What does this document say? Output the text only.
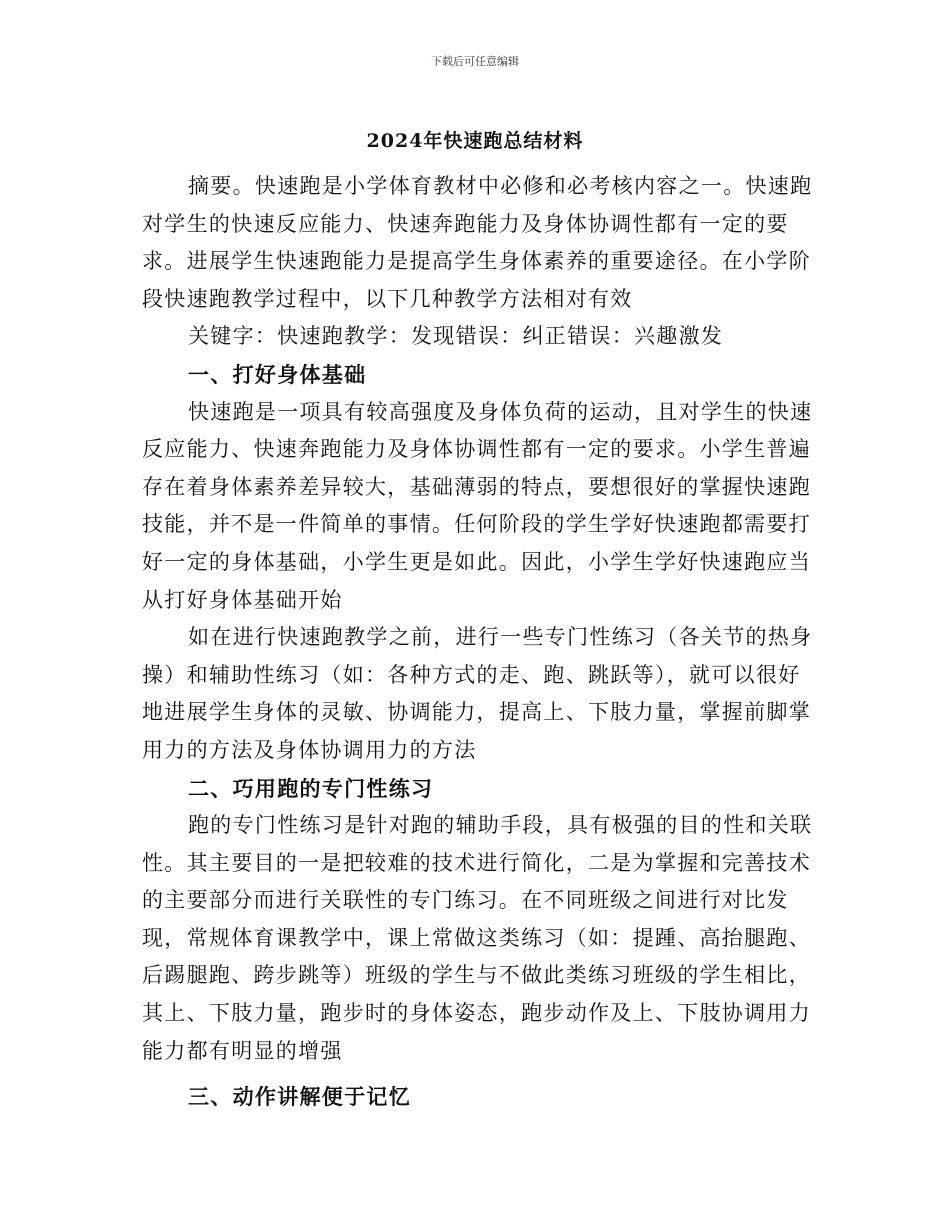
下载后可任意编辑
2024年快速跑总结材料

摘要。快速跑是小学体育教材中必修和必考核内容之一。快速跑对学生的快速反应能力、快速奔跑能力及身体协调性都有一定的要求。进展学生快速跑能力是提高学生身体素养的重要途径。在小学阶段快速跑教学过程中，以下几种教学方法相对有效

关键字：快速跑教学：发现错误：纠正错误：兴趣激发

一、打好身体基础

快速跑是一项具有较高强度及身体负荷的运动，且对学生的快速反应能力、快速奔跑能力及身体协调性都有一定的要求。小学生普遍存在着身体素养差异较大，基础薄弱的特点，要想很好的掌握快速跑技能，并不是一件简单的事情。任何阶段的学生学好快速跑都需要打好一定的身体基础，小学生更是如此。因此，小学生学好快速跑应当从打好身体基础开始

如在进行快速跑教学之前，进行一些专门性练习（各关节的热身操）和辅助性练习（如：各种方式的走、跑、跳跃等），就可以很好地进展学生身体的灵敏、协调能力，提高上、下肢力量，掌握前脚掌用力的方法及身体协调用力的方法

二、巧用跑的专门性练习

跑的专门性练习是针对跑的辅助手段，具有极强的目的性和关联性。其主要目的一是把较难的技术进行简化，二是为掌握和完善技术的主要部分而进行关联性的专门练习。在不同班级之间进行对比发现，常规体育课教学中，课上常做这类练习（如：提踵、高抬腿跑、后踢腿跑、跨步跳等）班级的学生与不做此类练习班级的学生相比，其上、下肢力量，跑步时的身体姿态，跑步动作及上、下肢协调用力能力都有明显的增强

三、动作讲解便于记忆
